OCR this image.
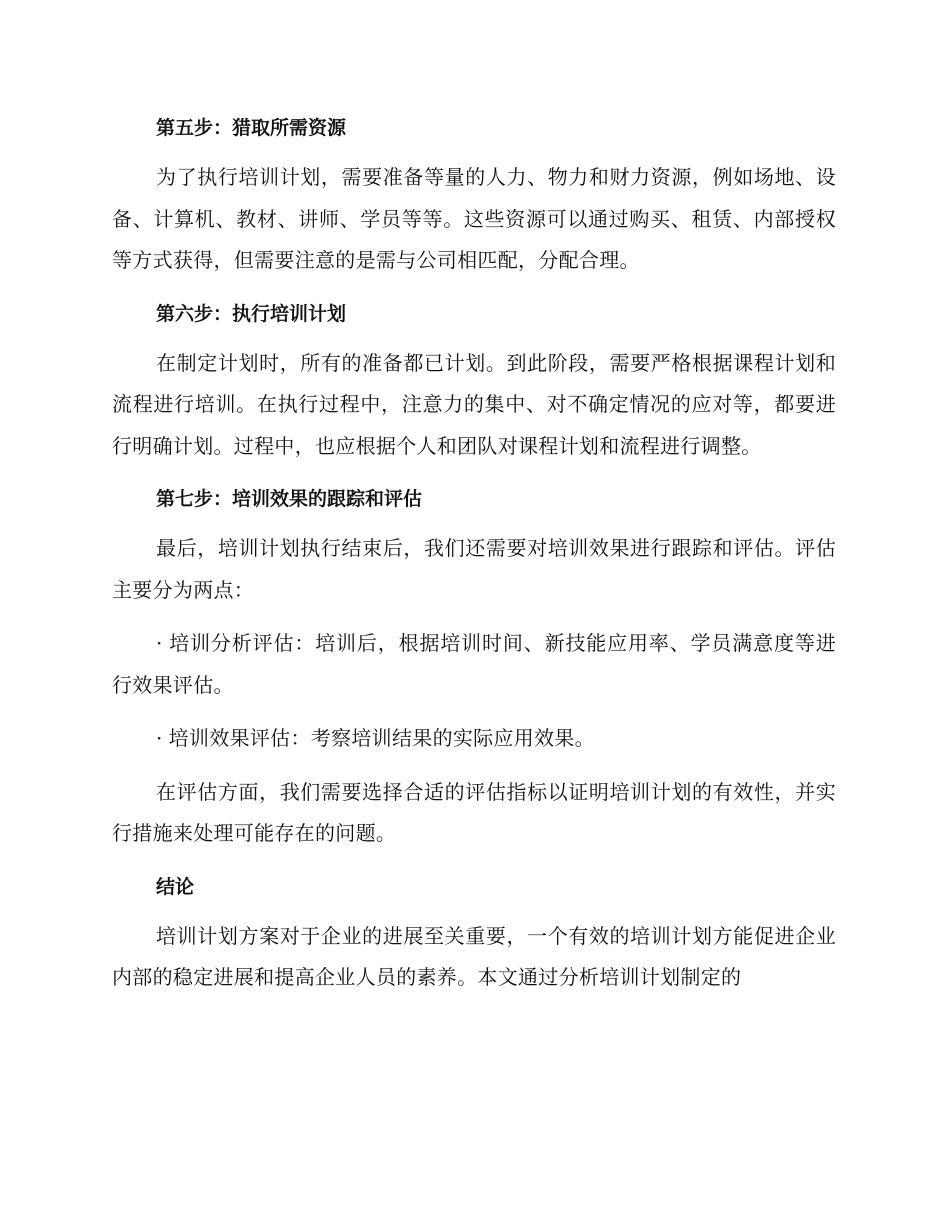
第五步：猎取所需资源

为了执行培训计划，需要准备等量的人力、物力和财力资源，例如场地、设备、计算机、教材、讲师、学员等等。这些资源可以通过购买、租赁、内部授权等方式获得，但需要注意的是需与公司相匹配，分配合理。

第六步：执行培训计划

在制定计划时，所有的准备都已计划。到此阶段，需要严格根据课程计划和流程进行培训。在执行过程中，注意力的集中、对不确定情况的应对等，都要进行明确计划。过程中，也应根据个人和团队对课程计划和流程进行调整。

第七步：培训效果的跟踪和评估

最后，培训计划执行结束后，我们还需要对培训效果进行跟踪和评估。评估主要分为两点：

· 培训分析评估：培训后，根据培训时间、新技能应用率、学员满意度等进行效果评估。

· 培训效果评估：考察培训结果的实际应用效果。

在评估方面，我们需要选择合适的评估指标以证明培训计划的有效性，并实行措施来处理可能存在的问题。

结论

培训计划方案对于企业的进展至关重要，一个有效的培训计划方能促进企业内部的稳定进展和提高企业人员的素养。本文通过分析培训计划制定的
